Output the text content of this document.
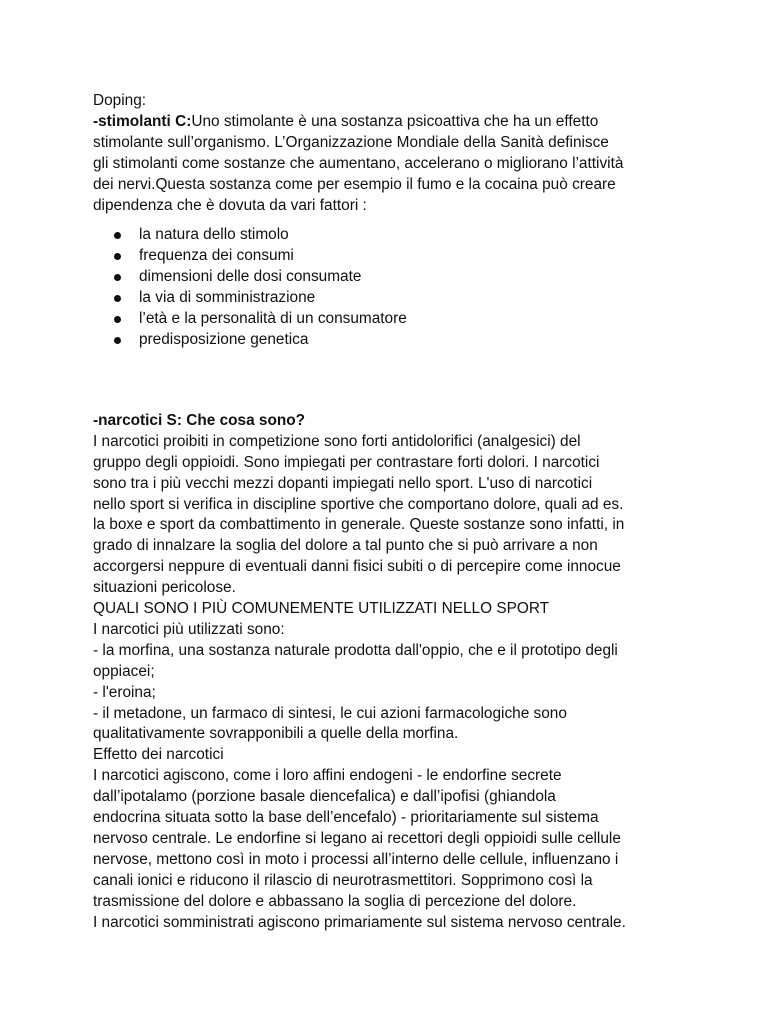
Doping:

-stimolanti C:Uno stimolante è una sostanza psicoattiva che ha un effetto

stimolante sull’organismo. L’Organizzazione Mondiale della Sanità definisce

gli stimolanti come sostanze che aumentano, accelerano o migliorano l’attività

dei nervi.Questa sostanza come per esempio il fumo e la cocaina può creare

dipendenza che è dovuta da vari fattori :

la natura dello stimolo
frequenza dei consumi
dimensioni delle dosi consumate
la via di somministrazione
l’età e la personalità di un consumatore
predisposizione genetica

-narcotici S: Che cosa sono?

I narcotici proibiti in competizione sono forti antidolorifici (analgesici) del

gruppo degli oppioidi. Sono impiegati per contrastare forti dolori. I narcotici

sono tra i più vecchi mezzi dopanti impiegati nello sport. L'uso di narcotici

nello sport si verifica in discipline sportive che comportano dolore, quali ad es.

la boxe e sport da combattimento in generale. Queste sostanze sono infatti, in

grado di innalzare la soglia del dolore a tal punto che si può arrivare a non

accorgersi neppure di eventuali danni fisici subiti o di percepire come innocue

situazioni pericolose.

QUALI SONO I PIÙ COMUNEMENTE UTILIZZATI NELLO SPORT

I narcotici più utilizzati sono:

- la morfina, una sostanza naturale prodotta dall'oppio, che e il prototipo degli

oppiacei;

- l'eroina;

- il metadone, un farmaco di sintesi, le cui azioni farmacologiche sono

qualitativamente sovrapponibili a quelle della morfina.

Effetto dei narcotici

I narcotici agiscono, come i loro affini endogeni - le endorfine secrete

dall’ipotalamo (porzione basale diencefalica) e dall’ipofisi (ghiandola

endocrina situata sotto la base dell’encefalo) - prioritariamente sul sistema

nervoso centrale. Le endorfine si legano ai recettori degli oppioidi sulle cellule

nervose, mettono così in moto i processi all’interno delle cellule, influenzano i

canali ionici e riducono il rilascio di neurotrasmettitori. Sopprimono così la

trasmissione del dolore e abbassano la soglia di percezione del dolore.

I narcotici somministrati agiscono primariamente sul sistema nervoso centrale.
